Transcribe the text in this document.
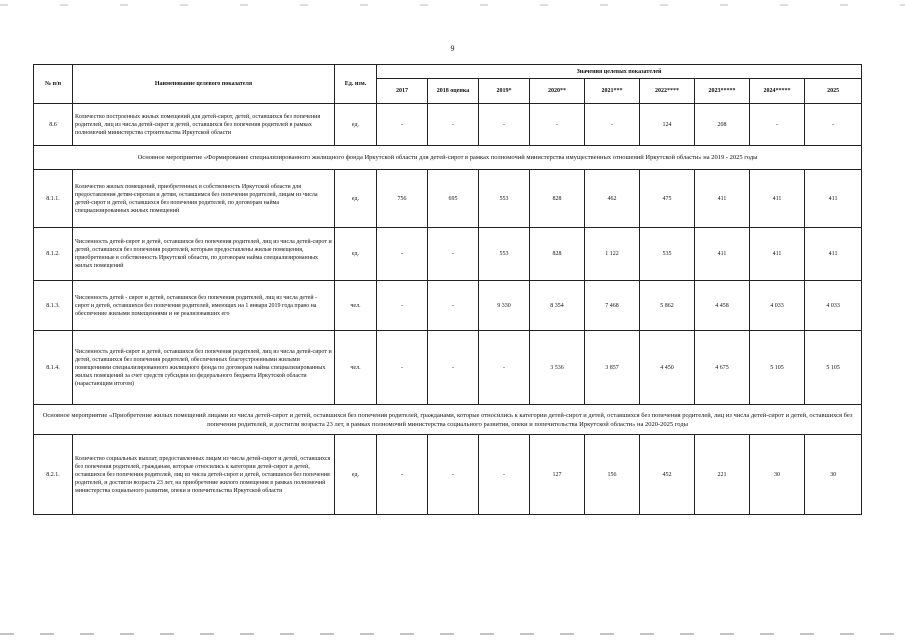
9
№ п/п	Наименование целевого показателя	Ед. изм.	Значения целевых показателей								
			2017	2018 оценка	2019*	2020**	2021***	2022****	2023*****	2024*****	2025
8.6	Количество построенных жилых помещений для детей-сирот, детей, оставшихся без попечения родителей, лиц из числа детей-сирот и детей, оставшихся без попечения родителей в рамках полномочий министерства строительства Иркутской области	ед.	-	-	-	-	-	124	208	-	-
Основное мероприятие «Формирование специализированного жилищного фонда Иркутской области для детей-сирот в рамках полномочий министерства имущественных отношений Иркутской области» на 2019 - 2025 годы											
8.1.1.	Количество жилых помещений, приобретенных в собственность Иркутской области для предоставления детям-сиротам и детям, оставшимся без попечения родителей, лицам из числа детей-сирот и детей, оставшихся без попечения родителей, по договорам найма специализированных жилых помещений	ед.	756	695	553	828	462	475	411	411	411
8.1.2.	Численность детей-сирот и детей, оставшихся без попечения родителей, лиц из числа детей-сирот и детей, оставшихся без попечения родителей, которым предоставлены жилые помещения, приобретенные в собственность Иркутской области, по договорам найма специализированных жилых помещений	ед.	-	-	553	828	1 122	535	411	411	411
8.1.3.	Численность детей - сирот и детей, оставшихся без попечения родителей, лиц из числа детей - сирот и детей, оставшихся без попечения родителей, имеющих на 1 января 2019 года право на обеспечение жилыми помещениями и не реализовавших его	чел.	-	-	9 330	8 354	7 468	5 862	4 458	4 033	4 033
8.1.4.	Численность детей-сирот и детей, оставшихся без попечения родителей, лиц из числа детей-сирот и детей, оставшихся без попечения родителей, обеспеченных благоустроенными жилыми помещениями специализированного жилищного фонда по договорам найма специализированных жилых помещений за счет средств субсидии из федерального бюджета Иркутской области (нарастающим итогом)	чел.	-	-	-	3 536	3 857	4 450	4 675	5 105	5 105
Основное мероприятие «Приобретение жилых помещений лицами из числа детей-сирот и детей, оставшихся без попечения родителей, гражданами, которые относились к категории детей-сирот и детей, оставшихся без попечения родителей, лиц из числа детей-сирот и детей, оставшихся без попечения родителей, и достигли возраста 23 лет, в рамках полномочий министерства социального развития, опеки и попечительства Иркутской области» на 2020-2025 годы											
8.2.1.	Количество социальных выплат, предоставленных лицам из числа детей-сирот и детей, оставшихся без попечения родителей, гражданам, которые относились к категории детей-сирот и детей, оставшихся без попечения родителей, лиц из числа детей-сирот и детей, оставшихся без попечения родителей, и достигли возраста 23 лет, на приобретение жилого помещения в рамках полномочий министерства социального развития, опеки и попечительства Иркутской области	ед.	-	-	-	127	156	452	221	30	30
